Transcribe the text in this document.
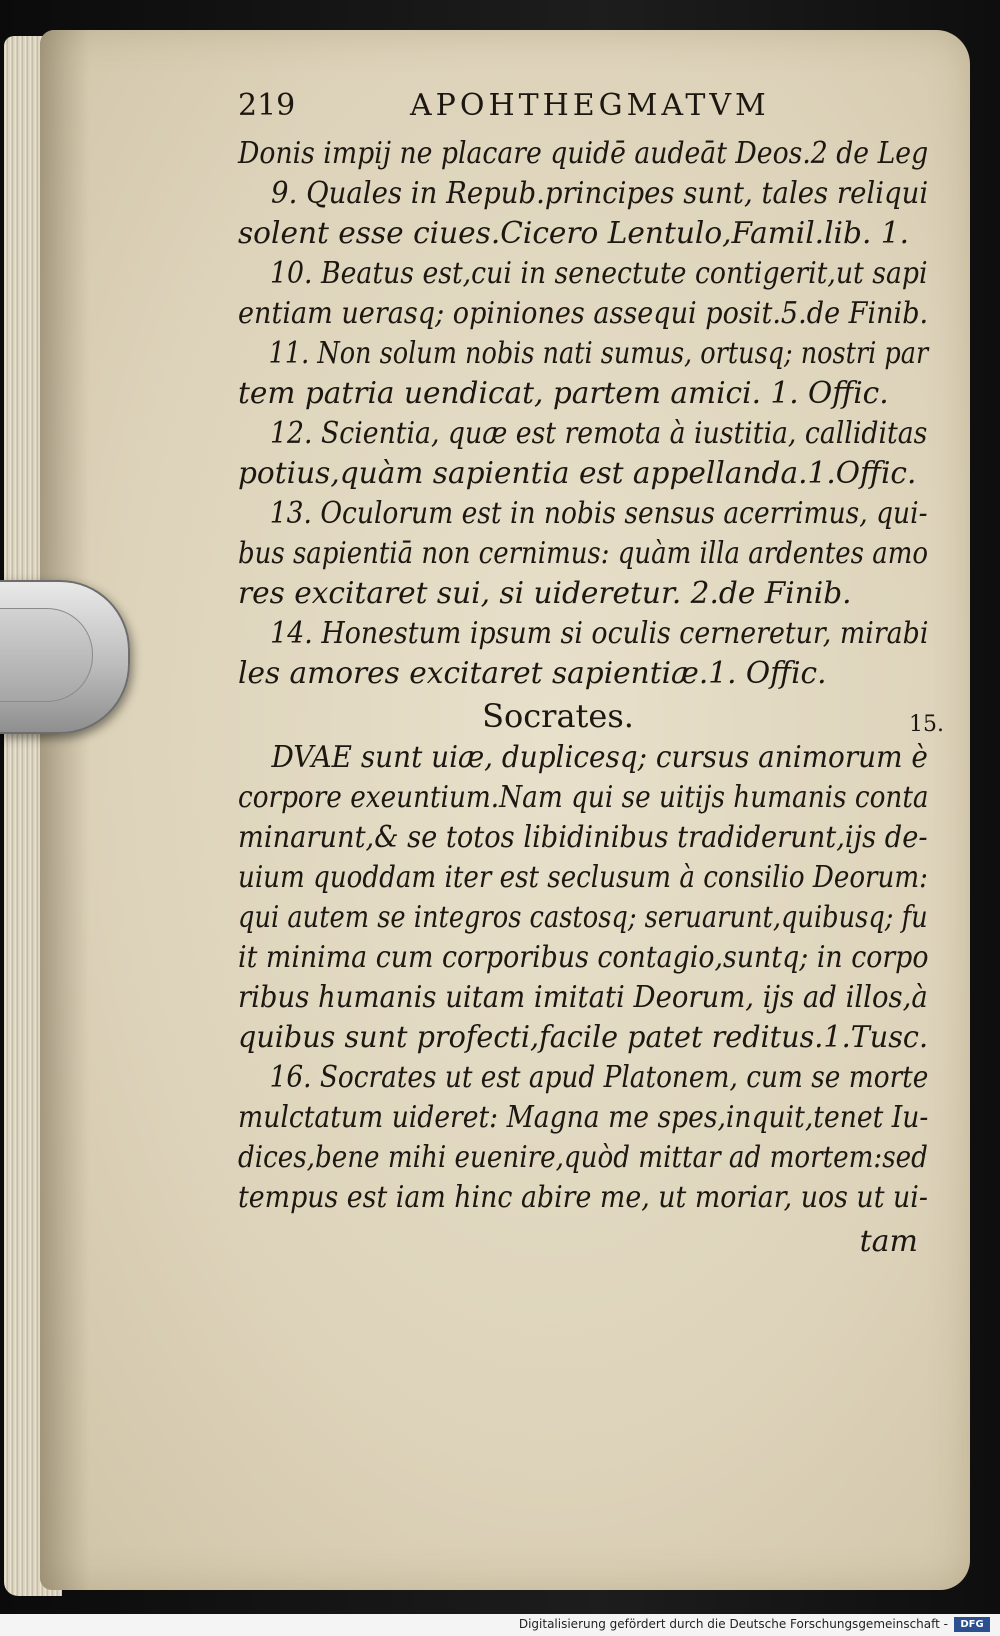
219	APOHTHEGMATVM
Donis impij ne placare quidē audeāt Deos.2 de Leg
9. Quales in Repub.principes sunt, tales reliqui
solent esse ciues.Cicero Lentulo,Famil.lib. 1.
10. Beatus est,cui in senectute contigerit,ut sapi
entiam uerasq; opiniones assequi posit.5.de Finib.
11. Non solum nobis nati sumus, ortusq; nostri par
tem patria uendicat, partem amici. 1. Offic.
12. Scientia, quæ est remota à iustitia, calliditas
potius,quàm sapientia est appellanda.1.Offic.
13. Oculorum est in nobis sensus acerrimus, qui-
bus sapientiā non cernimus: quàm illa ardentes amo
res excitaret sui, si uideretur. 2.de Finib.
14. Honestum ipsum si oculis cerneretur, mirabi
les amores excitaret sapientiæ.1. Offic.
Socrates.	15.
DVAE sunt uiæ, duplicesq; cursus animorum è
corpore exeuntium.Nam qui se uitijs humanis conta
minarunt,& se totos libidinibus tradiderunt,ijs de-
uium quoddam iter est seclusum à consilio Deorum:
qui autem se integros castosq; seruarunt,quibusq; fu
it minima cum corporibus contagio,suntq; in corpo
ribus humanis uitam imitati Deorum, ijs ad illos,à
quibus sunt profecti,facile patet reditus.1.Tusc.
16. Socrates ut est apud Platonem, cum se morte
mulctatum uideret: Magna me spes,inquit,tenet Iu-
dices,bene mihi euenire,quòd mittar ad mortem:sed
tempus est iam hinc abire me, ut moriar, uos ut ui-
tam
Digitalisierung gefördert durch die Deutsche Forschungsgemeinschaft -	DFG
